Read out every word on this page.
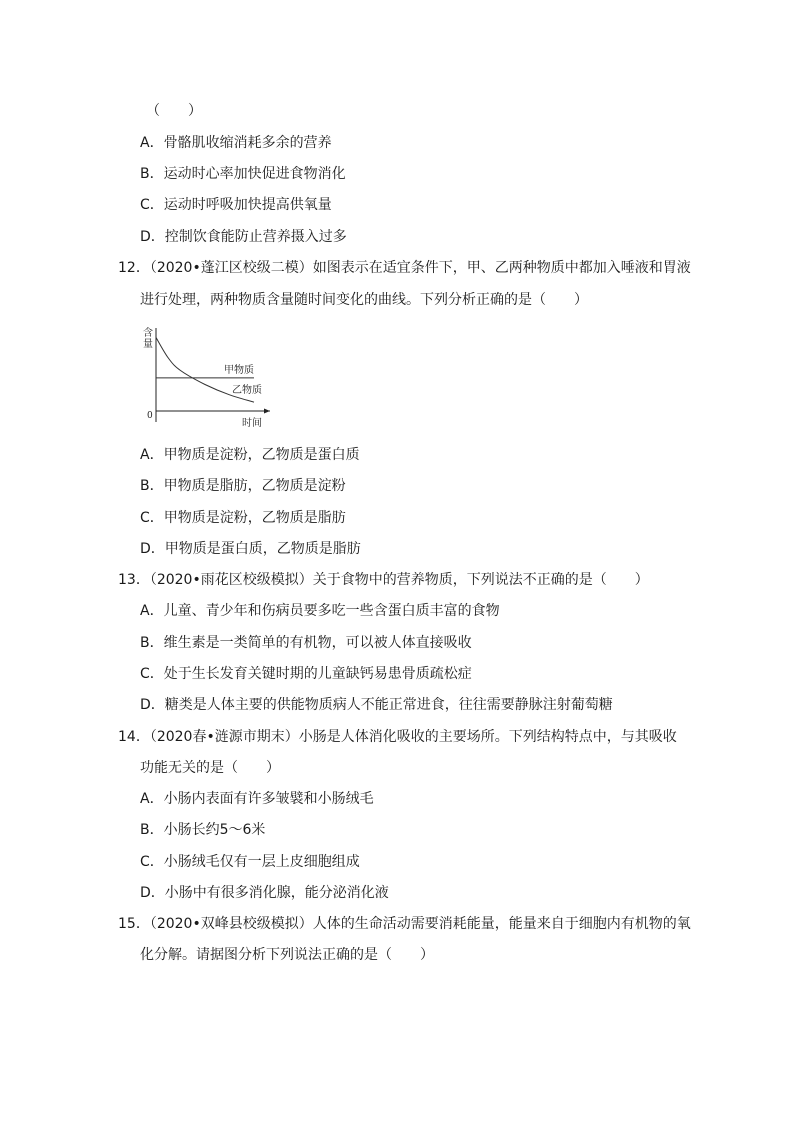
（　　）
A．骨骼肌收缩消耗多余的营养
B．运动时心率加快促进食物消化
C．运动时呼吸加快提高供氧量
D．控制饮食能防止营养摄入过多
12．（2020•蓬江区校级二模）如图表示在适宜条件下，甲、乙两种物质中都加入唾液和胃液
进行处理，两种物质含量随时间变化的曲线。下列分析正确的是（　　）
含 量
0
时间
甲物质
乙物质
A．甲物质是淀粉，乙物质是蛋白质
B．甲物质是脂肪，乙物质是淀粉
C．甲物质是淀粉，乙物质是脂肪
D．甲物质是蛋白质，乙物质是脂肪
13．（2020•雨花区校级模拟）关于食物中的营养物质，下列说法不正确的是（　　）
A．儿童、青少年和伤病员要多吃一些含蛋白质丰富的食物
B．维生素是一类简单的有机物，可以被人体直接吸收
C．处于生长发育关键时期的儿童缺钙易患骨质疏松症
D．糖类是人体主要的供能物质病人不能正常进食，往往需要静脉注射葡萄糖
14．（2020春•涟源市期末）小肠是人体消化吸收的主要场所。下列结构特点中，与其吸收
功能无关的是（　　）
A．小肠内表面有许多皱襞和小肠绒毛
B．小肠长约5～6米
C．小肠绒毛仅有一层上皮细胞组成
D．小肠中有很多消化腺，能分泌消化液
15．（2020•双峰县校级模拟）人体的生命活动需要消耗能量，能量来自于细胞内有机物的氧
化分解。请据图分析下列说法正确的是（　　）
